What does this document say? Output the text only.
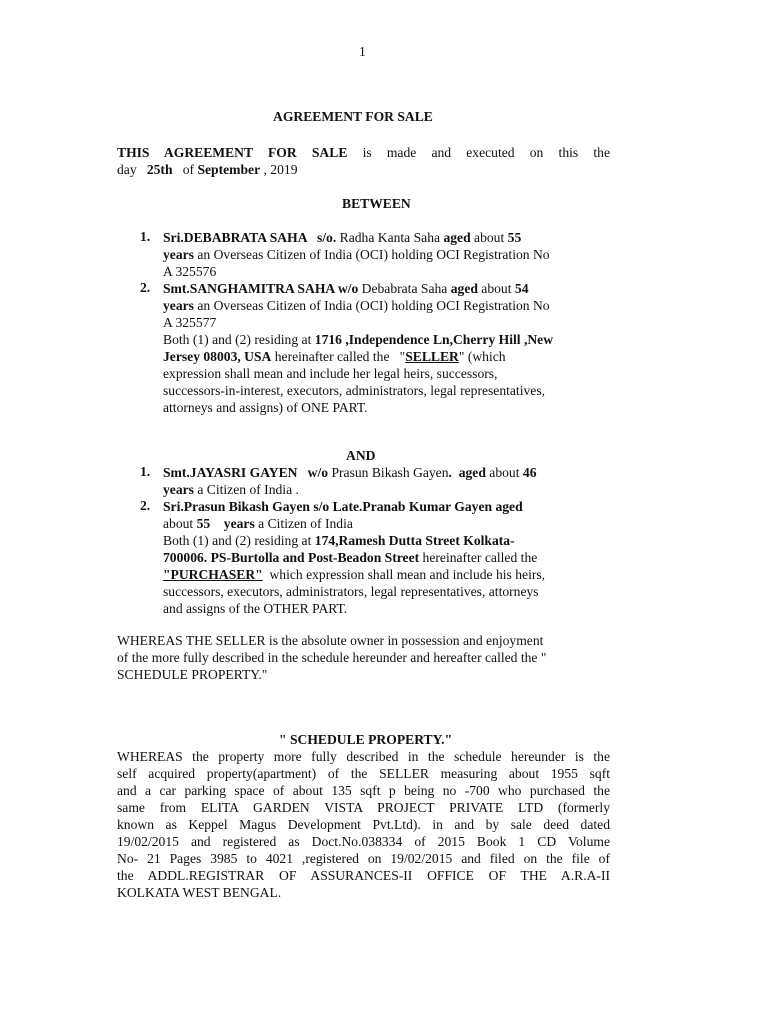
1
AGREEMENT FOR SALE
THIS AGREEMENT FOR SALE is made and executed on this the
day   25th   of September , 2019
BETWEEN
1. Sri.DEBABRATA SAHA   s/o. Radha Kanta Saha aged about 55
years an Overseas Citizen of India (OCI) holding OCI Registration No
A 325576
2. Smt.SANGHAMITRA SAHA w/o Debabrata Saha aged about 54
years an Overseas Citizen of India (OCI) holding OCI Registration No
A 325577
Both (1) and (2) residing at 1716 ,Independence Ln,Cherry Hill ,New
Jersey 08003, USA hereinafter called the   "SELLER" (which
expression shall mean and include her legal heirs, successors,
successors-in-interest, executors, administrators, legal representatives,
attorneys and assigns) of ONE PART.
AND
1. Smt.JAYASRI GAYEN   w/o Prasun Bikash Gayen.  aged about 46
years a Citizen of India .
2. Sri.Prasun Bikash Gayen s/o Late.Pranab Kumar Gayen aged
about 55    years a Citizen of India
Both (1) and (2) residing at 174,Ramesh Dutta Street Kolkata-
700006. PS-Burtolla and Post-Beadon Street hereinafter called the
"PURCHASER"  which expression shall mean and include his heirs,
successors, executors, administrators, legal representatives, attorneys
and assigns of the OTHER PART.
WHEREAS THE SELLER is the absolute owner in possession and enjoyment
of the more fully described in the schedule hereunder and hereafter called the "
SCHEDULE PROPERTY."
" SCHEDULE PROPERTY."
WHEREAS the property more fully described in the schedule hereunder is the
self acquired property(apartment) of the SELLER measuring about 1955 sqft
and a car parking space of about 135 sqft p being no -700 who purchased the
same from ELITA GARDEN VISTA PROJECT PRIVATE LTD (formerly
known as Keppel Magus Development Pvt.Ltd). in and by sale deed dated
19/02/2015 and registered as Doct.No.038334 of 2015 Book 1 CD Volume
No- 21 Pages 3985 to 4021 ,registered on 19/02/2015 and filed on the file of
the ADDL.REGISTRAR OF ASSURANCES-II OFFICE OF THE A.R.A-II
KOLKATA WEST BENGAL.
